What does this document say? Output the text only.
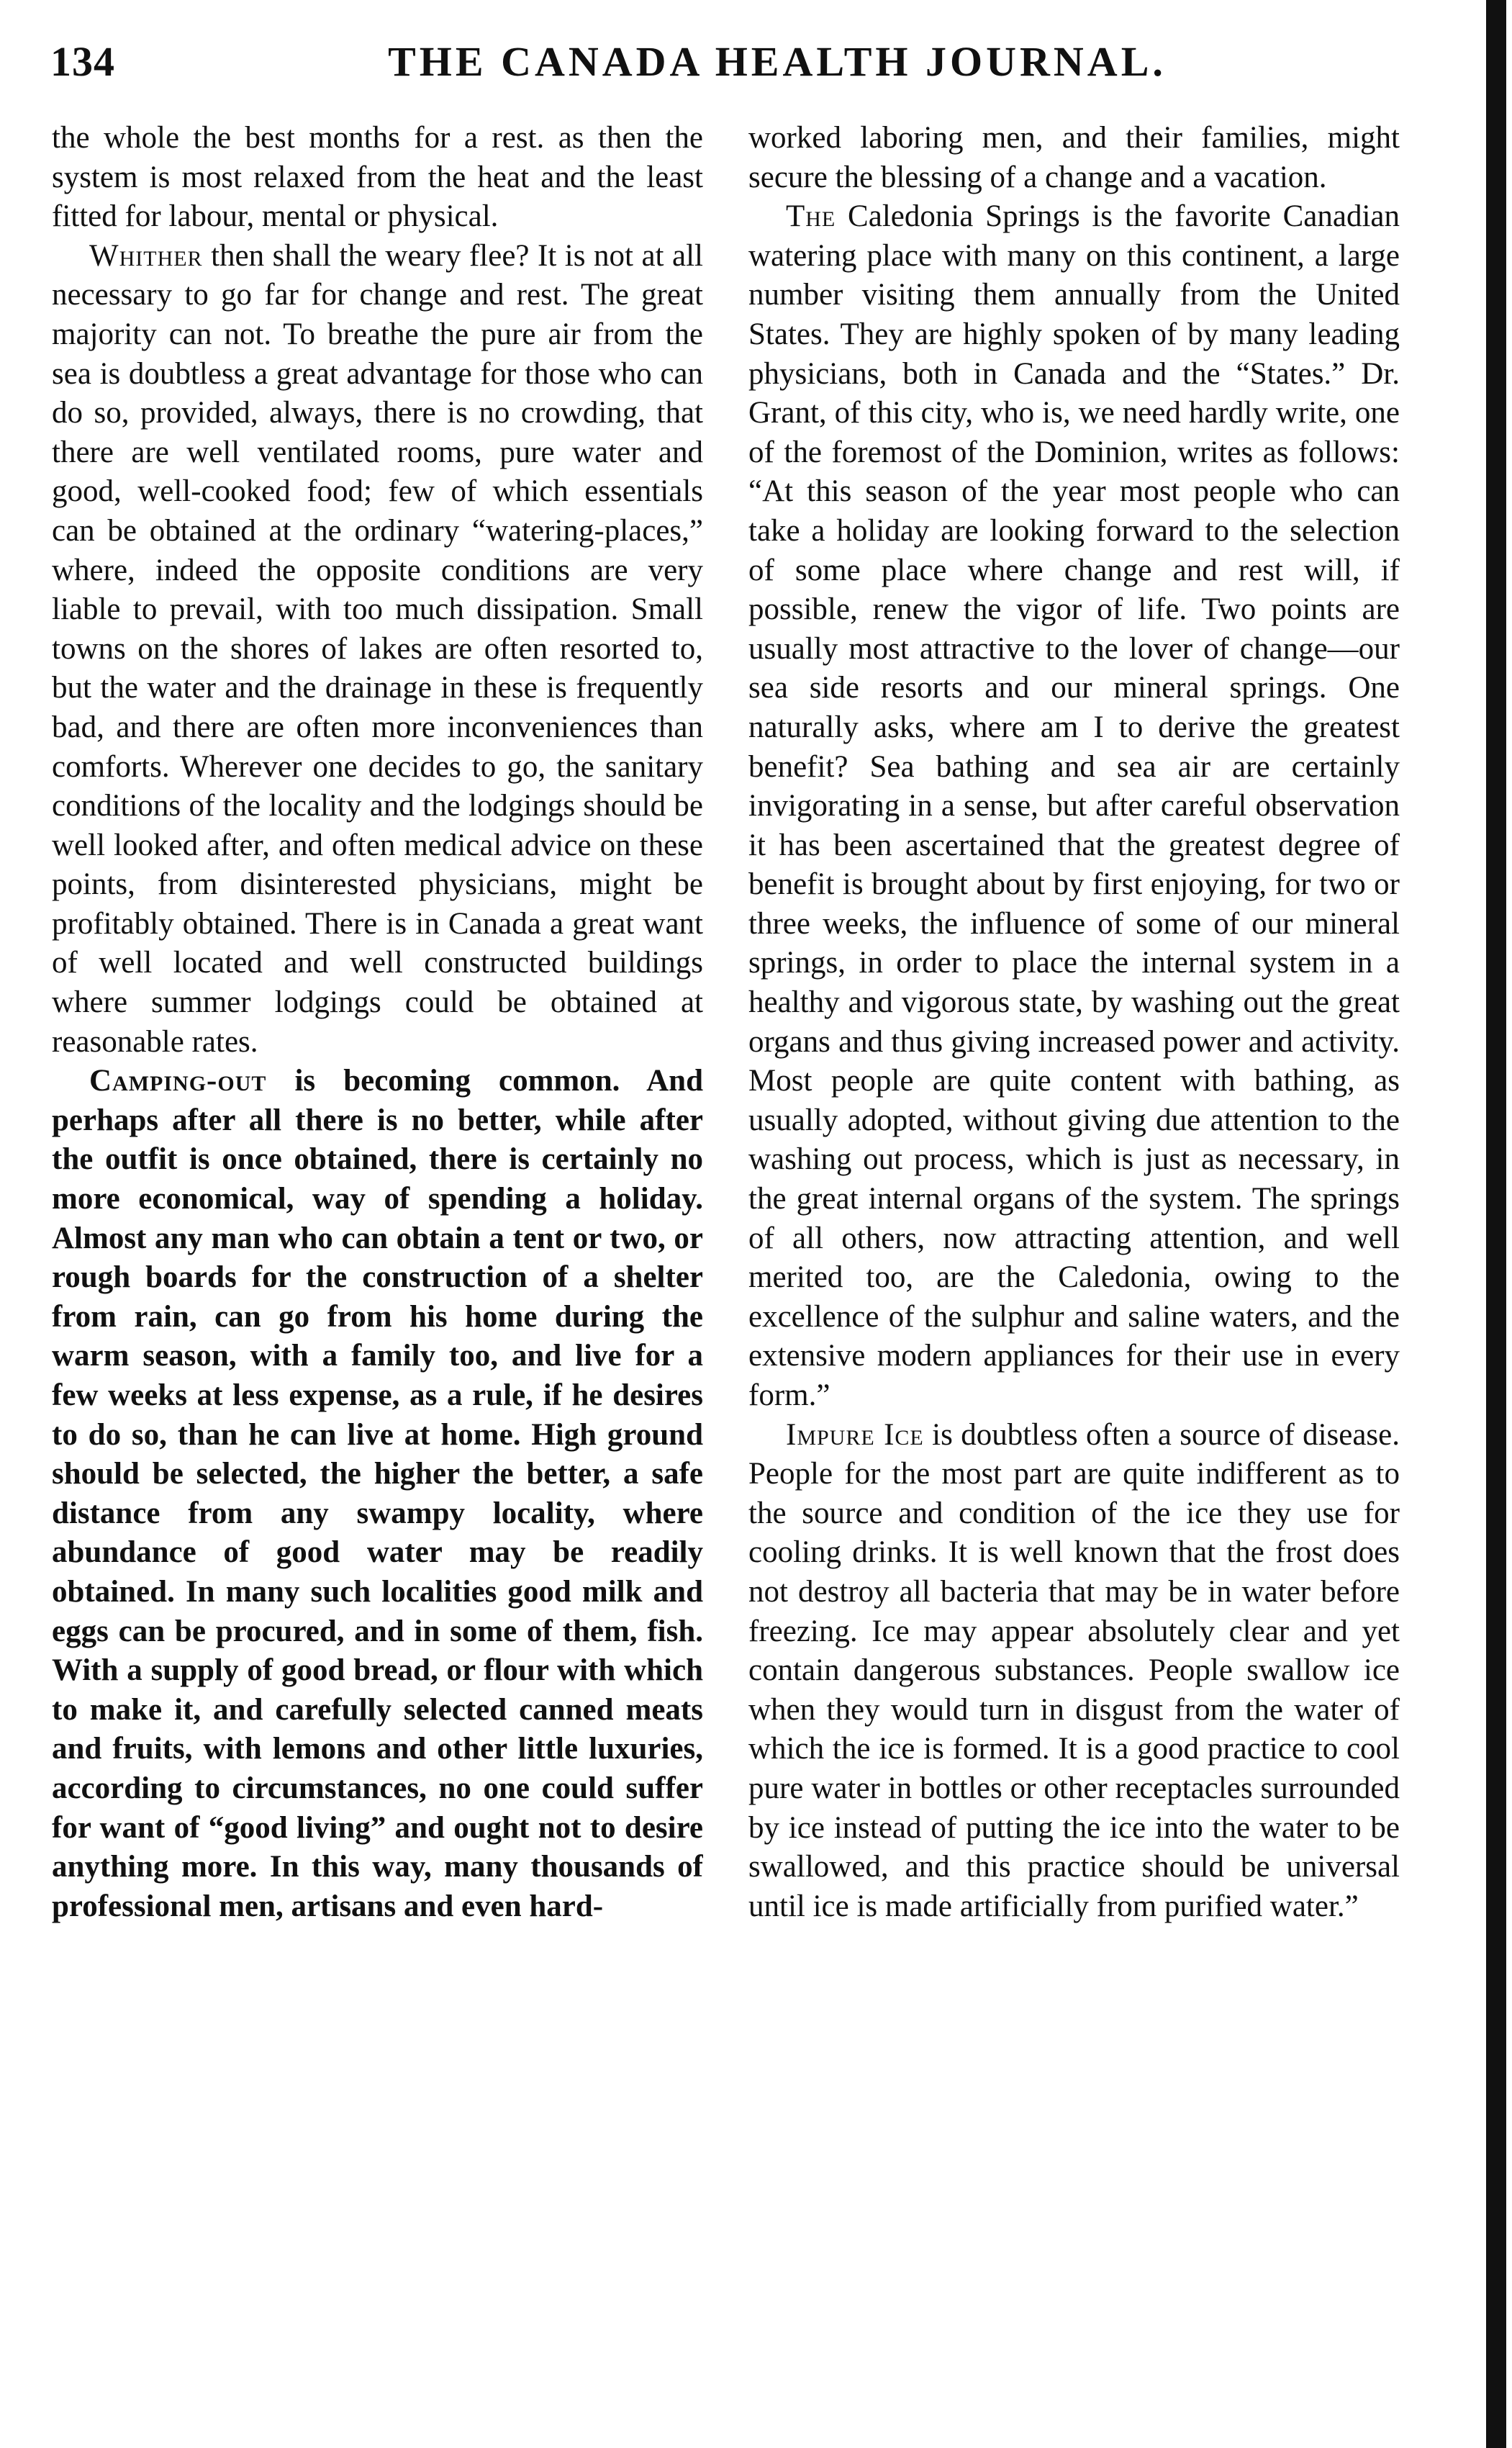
134	THE CANADA HEALTH JOURNAL.

the whole the best months for a rest. as then the system is most relaxed from the heat and the least fitted for labour, mental or physical.

Whither then shall the weary flee? It is not at all necessary to go far for change and rest. The great majority can not. To breathe the pure air from the sea is doubtless a great advantage for those who can do so, provided, always, there is no crowding, that there are well ventilated rooms, pure water and good, well-cooked food; few of which essentials can be obtained at the ordinary “watering-places,” where, indeed the opposite conditions are very liable to prevail, with too much dissipation. Small towns on the shores of lakes are often resorted to, but the water and the drainage in these is frequently bad, and there are often more inconveniences than comforts. Wherever one decides to go, the sanitary conditions of the locality and the lodgings should be well looked after, and often medical advice on these points, from disinterested physicians, might be profitably obtained. There is in Canada a great want of well located and well constructed buildings where summer lodgings could be obtained at reasonable rates.

Camping-out is becoming common. And perhaps after all there is no better, while after the outfit is once obtained, there is certainly no more economical, way of spending a holiday. Almost any man who can obtain a tent or two, or rough boards for the construction of a shelter from rain, can go from his home during the warm season, with a family too, and live for a few weeks at less expense, as a rule, if he desires to do so, than he can live at home. High ground should be selected, the higher the better, a safe distance from any swampy locality, where abundance of good water may be readily obtained. In many such localities good milk and eggs can be procured, and in some of them, fish. With a supply of good bread, or flour with which to make it, and carefully selected canned meats and fruits, with lemons and other little luxuries, according to circumstances, no one could suffer for want of “good living” and ought not to desire anything more. In this way, many thousands of professional men, artisans and even hard-

worked laboring men, and their families, might secure the blessing of a change and a vacation.

The Caledonia Springs is the favorite Canadian watering place with many on this continent, a large number visiting them annually from the United States. They are highly spoken of by many leading physicians, both in Canada and the “States.” Dr. Grant, of this city, who is, we need hardly write, one of the foremost of the Dominion, writes as follows: “At this season of the year most people who can take a holiday are looking forward to the selection of some place where change and rest will, if possible, renew the vigor of life. Two points are usually most attractive to the lover of change—our sea side resorts and our mineral springs. One naturally asks, where am I to derive the greatest benefit? Sea bathing and sea air are certainly invigorating in a sense, but after careful observation it has been ascertained that the greatest degree of benefit is brought about by first enjoying, for two or three weeks, the influence of some of our mineral springs, in order to place the internal system in a healthy and vigorous state, by washing out the great organs and thus giving increased power and activity. Most people are quite content with bathing, as usually adopted, without giving due attention to the washing out process, which is just as necessary, in the great internal organs of the system. The springs of all others, now attracting attention, and well merited too, are the Caledonia, owing to the excellence of the sulphur and saline waters, and the extensive modern appliances for their use in every form.”

Impure Ice is doubtless often a source of disease. People for the most part are quite indifferent as to the source and condition of the ice they use for cooling drinks. It is well known that the frost does not destroy all bacteria that may be in water before freezing. Ice may appear absolutely clear and yet contain dangerous substances. People swallow ice when they would turn in disgust from the water of which the ice is formed. It is a good practice to cool pure water in bottles or other receptacles surrounded by ice instead of putting the ice into the water to be swallowed, and this practice should be universal until ice is made artificially from purified water.”
